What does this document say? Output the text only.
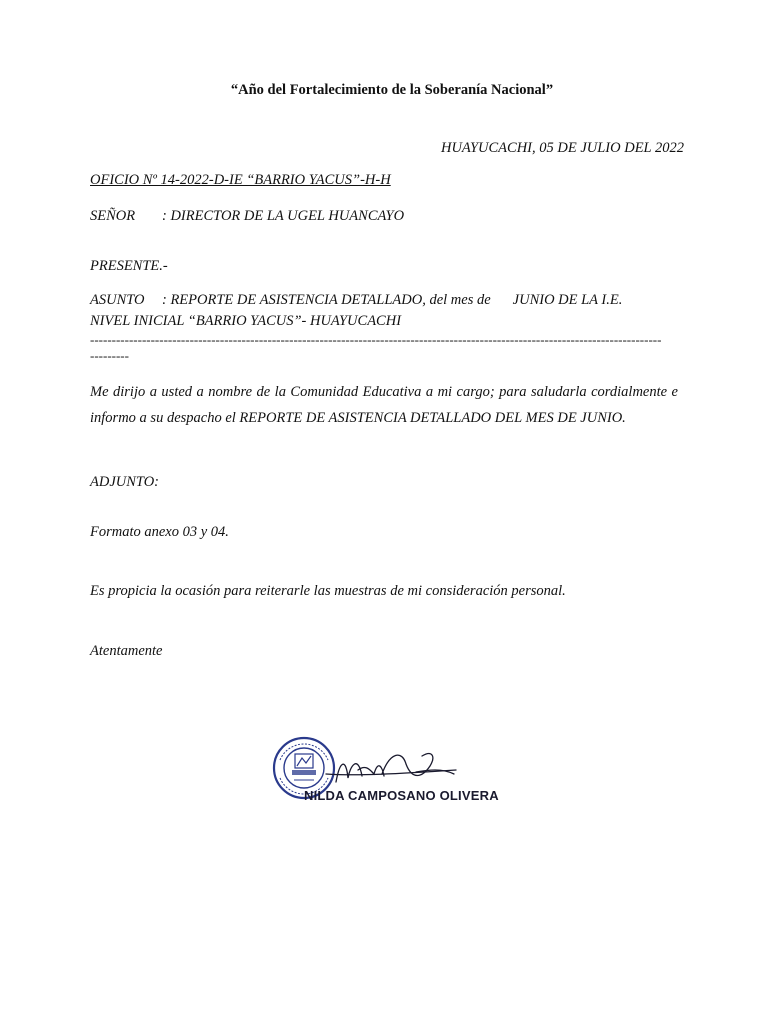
“Año del Fortalecimiento de la Soberanía Nacional”
HUAYUCACHI, 05 DE JULIO DEL 2022
OFICIO Nº 14-2022-D-IE “BARRIO YACUS”-H-H
SEÑOR : DIRECTOR DE LA UGEL HUANCAYO
PRESENTE.-
ASUNTO : REPORTE DE ASISTENCIA DETALLADO, del mes de JUNIO DE LA I.E.
NIVEL INICIAL “BARRIO YACUS”- HUAYUCACHI
------------------------------------------------------------------------------------------------------------------------------------
---------
Me dirijo a usted a nombre de la Comunidad Educativa a mi cargo; para saludarla cordialmente e informo a su despacho el REPORTE DE ASISTENCIA DETALLADO DEL MES DE JUNIO.
ADJUNTO:
Formato anexo 03 y 04.
Es propicia la ocasión para reiterarle las muestras de mi consideración personal.
Atentamente
NILDA CAMPOSANO OLIVERA
